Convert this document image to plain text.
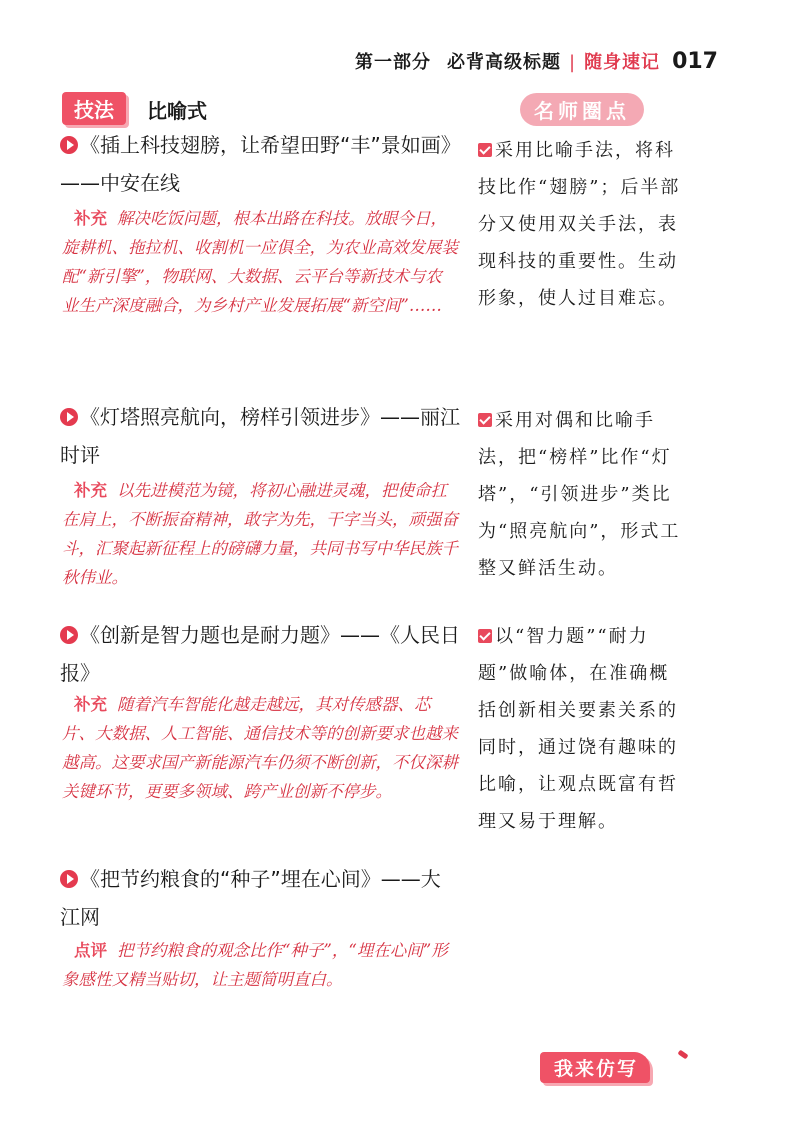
第一部分 必背高级标题 | 随身速记 017
技法	比喻式	名师圈点
《插上科技翅膀，让希望田野“丰”景如画》——中安在线
补充 解决吃饭问题，根本出路在科技。放眼今日，旋耕机、拖拉机、收割机一应俱全，为农业高效发展装配“新引擎”，物联网、大数据、云平台等新技术与农业生产深度融合，为乡村产业发展拓展“新空间”……
采用比喻手法，将科技比作“翅膀”；后半部分又使用双关手法，表现科技的重要性。生动形象，使人过目难忘。
《灯塔照亮航向，榜样引领进步》——丽江时评
补充 以先进模范为镜，将初心融进灵魂，把使命扛在肩上，不断振奋精神，敢字为先，干字当头，顽强奋斗，汇聚起新征程上的磅礴力量，共同书写中华民族千秋伟业。
采用对偶和比喻手法，把“榜样”比作“灯塔”，“引领进步”类比为“照亮航向”，形式工整又鲜活生动。
《创新是智力题也是耐力题》——《人民日报》
补充 随着汽车智能化越走越远，其对传感器、芯片、大数据、人工智能、通信技术等的创新要求也越来越高。这要求国产新能源汽车仍须不断创新，不仅深耕关键环节，更要多领域、跨产业创新不停步。
以“智力题”“耐力题”做喻体，在准确概括创新相关要素关系的同时，通过饶有趣味的比喻，让观点既富有哲理又易于理解。
《把节约粮食的“种子”埋在心间》——大江网
点评 把节约粮食的观念比作“种子”，“埋在心间”形象感性又精当贴切，让主题简明直白。
我来仿写
